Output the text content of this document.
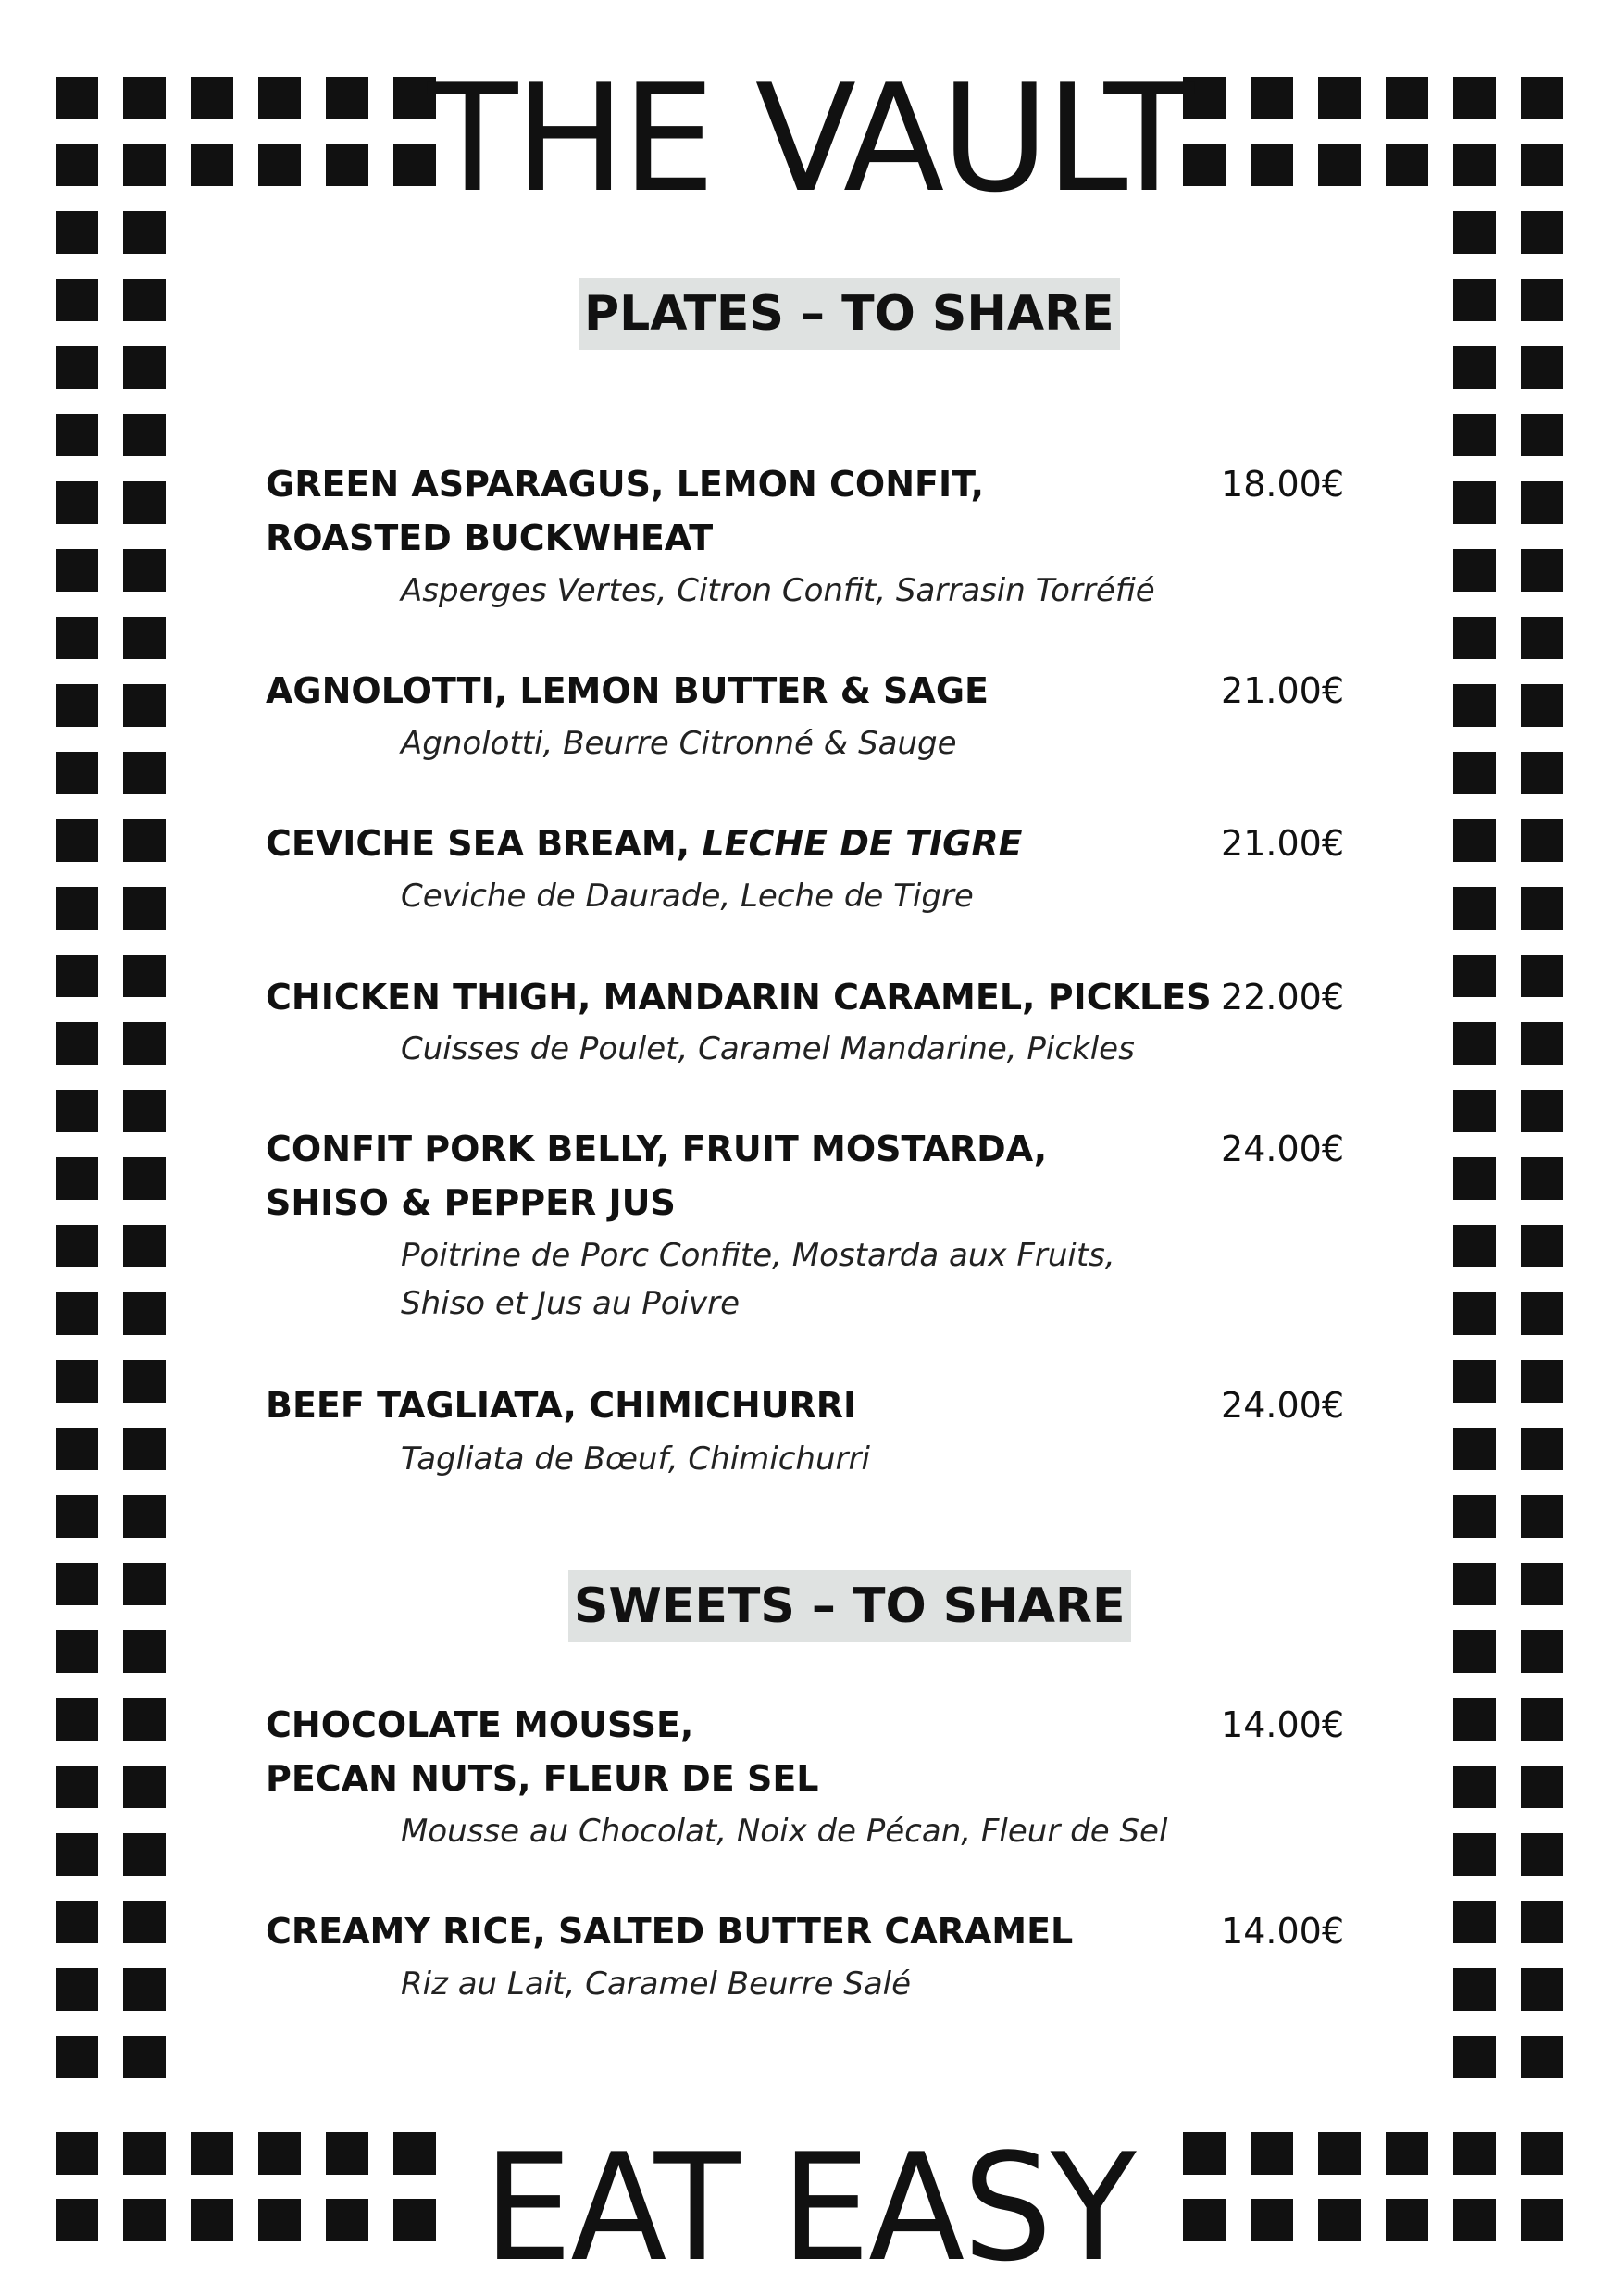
THE VAULT
PLATES – TO SHARE

GREEN ASPARAGUS, LEMON CONFIT,

ROASTED BUCKWHEAT

Asperges Vertes, Citron Confit, Sarrasin Torréfié

18.00€

AGNOLOTTI, LEMON BUTTER & SAGE

Agnolotti, Beurre Citronné & Sauge

21.00€

CEVICHE SEA BREAM, LECHE DE TIGRE

Ceviche de Daurade, Leche de Tigre

21.00€

CHICKEN THIGH, MANDARIN CARAMEL, PICKLES

Cuisses de Poulet, Caramel Mandarine, Pickles

22.00€

CONFIT PORK BELLY, FRUIT MOSTARDA,

SHISO & PEPPER JUS

Poitrine de Porc Confite, Mostarda aux Fruits,

Shiso et Jus au Poivre

24.00€

BEEF TAGLIATA, CHIMICHURRI

Tagliata de Bœuf, Chimichurri

24.00€
SWEETS – TO SHARE

CHOCOLATE MOUSSE,

PECAN NUTS, FLEUR DE SEL

Mousse au Chocolat, Noix de Pécan, Fleur de Sel

14.00€

CREAMY RICE, SALTED BUTTER CARAMEL

Riz au Lait, Caramel Beurre Salé

14.00€
EAT EASY
